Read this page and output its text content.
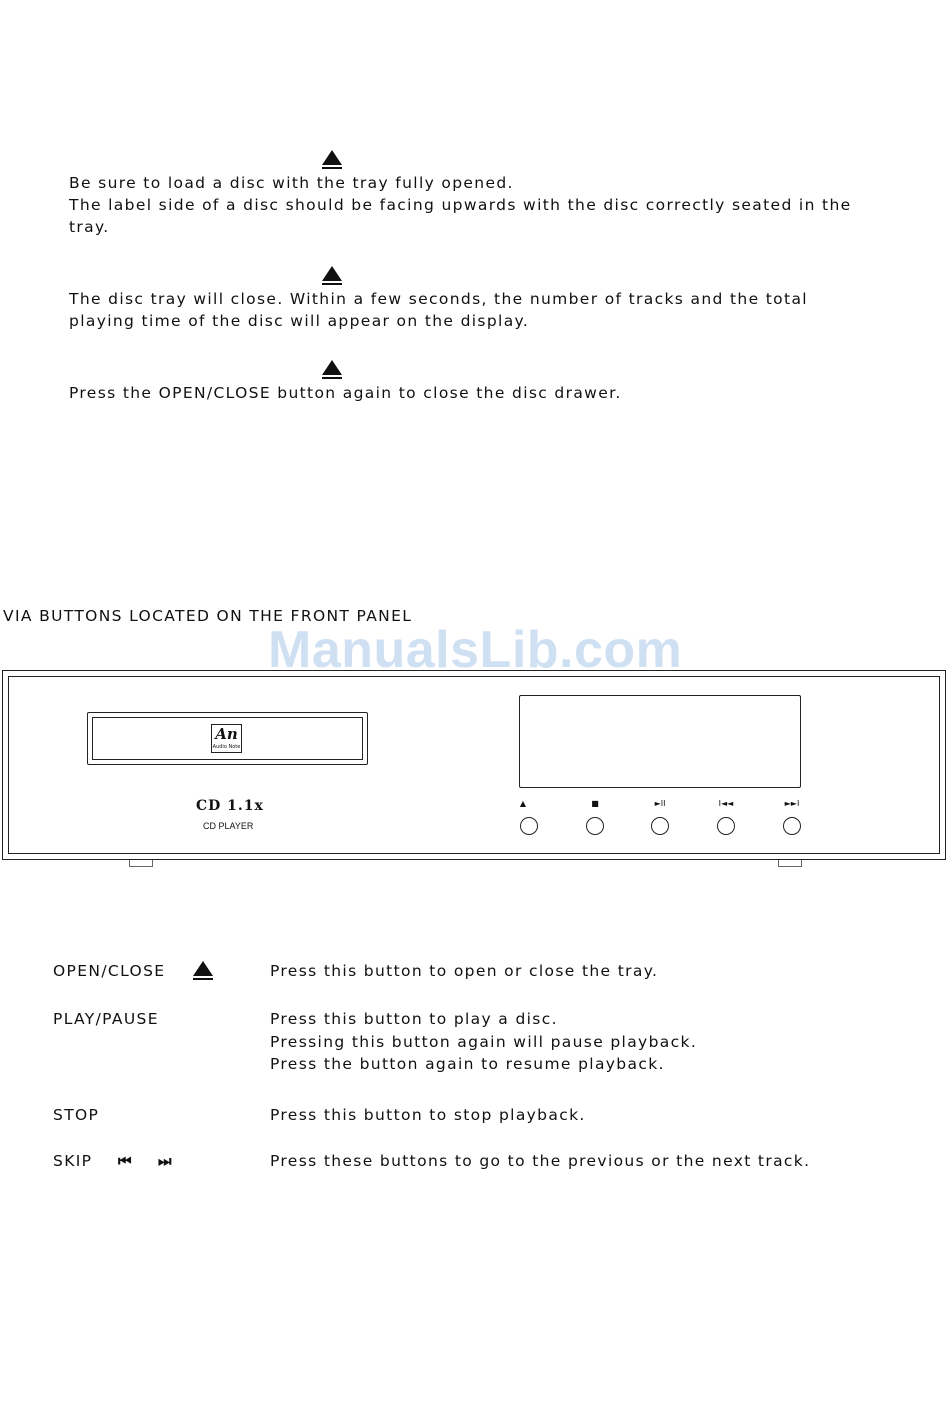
Be sure to load a disc with the tray fully opened.
The label side of a disc should be facing upwards with the disc correctly seated in the
tray.
The disc tray will close. Within a few seconds, the number of tracks and the total
playing time of the disc will appear on the display.
Press the OPEN/CLOSE button again to close the disc drawer.
VIA BUTTONS LOCATED ON THE FRONT PANEL
ManualsLib.com
An
Audio Note
CD 1.1x
CD PLAYER
▲	■	►II	I◄◄	►►I
OPEN/CLOSE	Press this button to open or close the tray.
PLAY/PAUSE	Press this button to play a disc.
Pressing this button again will pause playback.
Press the button again to resume playback.
STOP	Press this button to stop playback.
SKIP ⏮ ⏭	Press these buttons to go to the previous or the next track.
